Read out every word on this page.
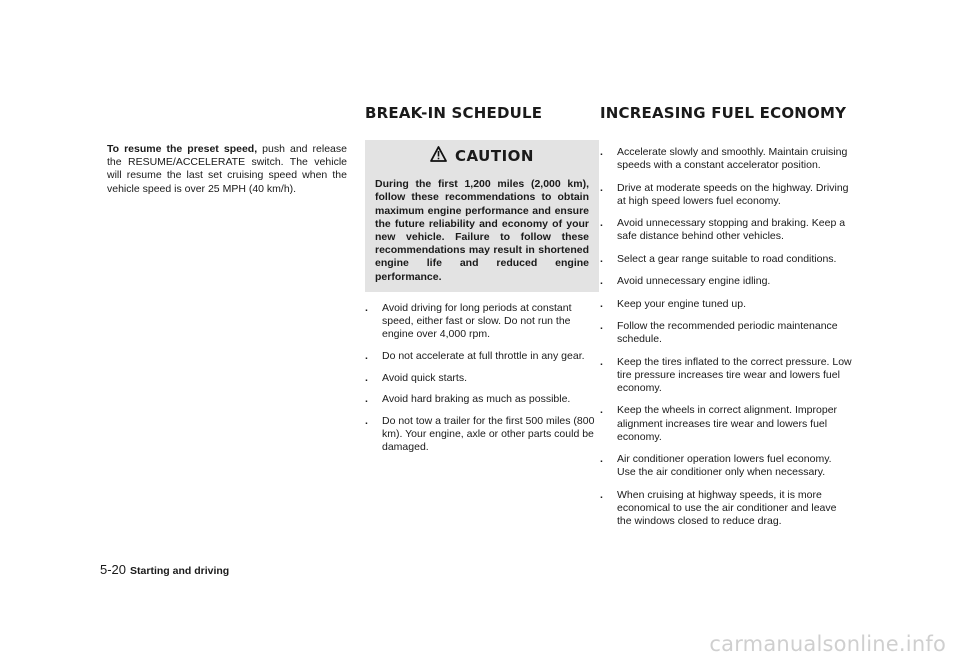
BREAK-IN SCHEDULE	INCREASING FUEL ECONOMY
To resume the preset speed, push and release the RESUME/ACCELERATE switch. The vehicle will resume the last set cruising speed when the vehicle speed is over 25 MPH (40 km/h).
CAUTION
During the first 1,200 miles (2,000 km), follow these recommendations to obtain maximum engine performance and ensure the future reliability and economy of your new vehicle. Failure to follow these recommendations may result in shortened engine life and reduced engine performance.
. Avoid driving for long periods at constant speed, either fast or slow. Do not run the engine over 4,000 rpm.
. Do not accelerate at full throttle in any gear.
. Avoid quick starts.
. Avoid hard braking as much as possible.
. Do not tow a trailer for the first 500 miles (800 km). Your engine, axle or other parts could be damaged.
. Accelerate slowly and smoothly. Maintain cruising speeds with a constant accelerator position.
. Drive at moderate speeds on the highway. Driving at high speed lowers fuel economy.
. Avoid unnecessary stopping and braking. Keep a safe distance behind other vehicles.
. Select a gear range suitable to road conditions.
. Avoid unnecessary engine idling.
. Keep your engine tuned up.
. Follow the recommended periodic maintenance schedule.
. Keep the tires inflated to the correct pressure. Low tire pressure increases tire wear and lowers fuel economy.
. Keep the wheels in correct alignment. Improper alignment increases tire wear and lowers fuel economy.
. Air conditioner operation lowers fuel economy. Use the air conditioner only when necessary.
. When cruising at highway speeds, it is more economical to use the air conditioner and leave the windows closed to reduce drag.
5-20 Starting and driving
carmanualsonline.info
